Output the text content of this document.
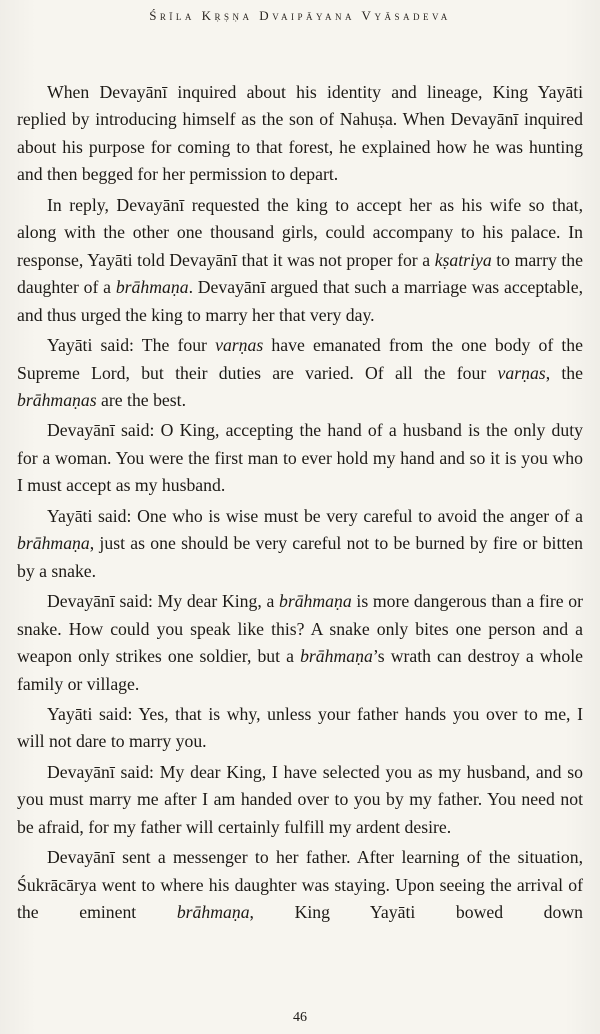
Śrīla Kṛṣṇa Dvaipāyana Vyāsadeva

When Devayānī inquired about his identity and lineage, King Yayāti replied by introducing himself as the son of Nahuṣa. When Devayānī inquired about his purpose for coming to that forest, he explained how he was hunting and then begged for her permission to depart.

In reply, Devayānī requested the king to accept her as his wife so that, along with the other one thousand girls, could accompany to his palace. In response, Yayāti told Devayānī that it was not proper for a kṣatriya to marry the daughter of a brāhmaṇa. Devayānī argued that such a marriage was acceptable, and thus urged the king to marry her that very day.

Yayāti said: The four varṇas have emanated from the one body of the Supreme Lord, but their duties are varied. Of all the four varṇas, the brāhmaṇas are the best.

Devayānī said: O King, accepting the hand of a husband is the only duty for a woman. You were the first man to ever hold my hand and so it is you who I must accept as my husband.

Yayāti said: One who is wise must be very careful to avoid the anger of a brāhmaṇa, just as one should be very careful not to be burned by fire or bitten by a snake.

Devayānī said: My dear King, a brāhmaṇa is more dangerous than a fire or snake. How could you speak like this? A snake only bites one person and a weapon only strikes one soldier, but a brāhmaṇa’s wrath can destroy a whole family or village.

Yayāti said: Yes, that is why, unless your father hands you over to me, I will not dare to marry you.

Devayānī said: My dear King, I have selected you as my husband, and so you must marry me after I am handed over to you by my father. You need not be afraid, for my father will certainly fulfill my ardent desire.

Devayānī sent a messenger to her father. After learning of the situation, Śukrācārya went to where his daughter was staying. Upon seeing the arrival of the eminent brāhmaṇa, King Yayāti bowed down

46
